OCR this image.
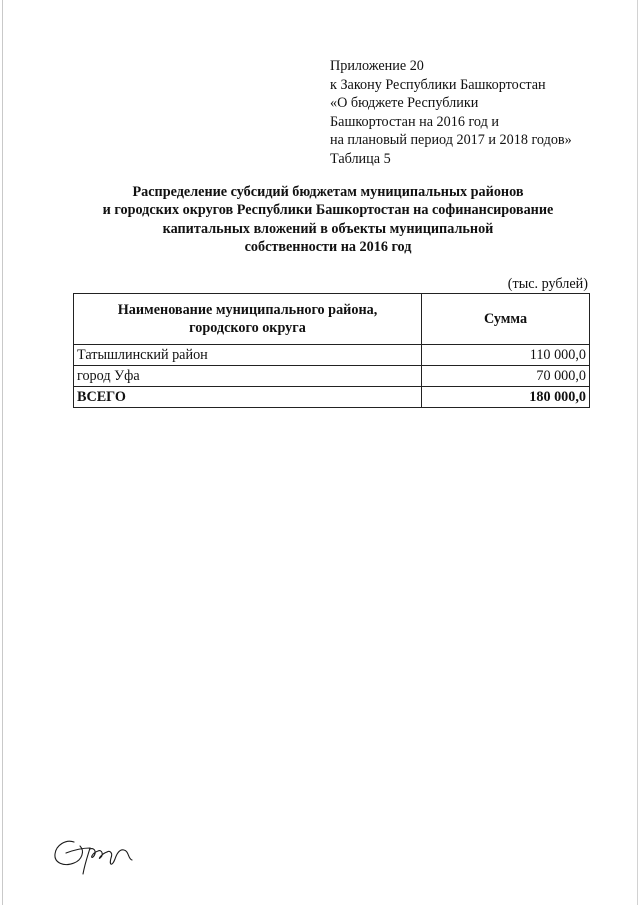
Приложение 20
к Закону Республики Башкортостан
«О бюджете Республики
Башкортостан на 2016 год и
на плановый период 2017 и 2018 годов»
Таблица 5
Распределение субсидий бюджетам муниципальных районов
и городских округов Республики Башкортостан на софинансирование
капитальных вложений в объекты муниципальной
собственности на 2016 год
(тыс. рублей)
Наименование муниципального района,
городского округа	Сумма
Татышлинский район	110 000,0
город Уфа	70 000,0
ВСЕГО	180 000,0
